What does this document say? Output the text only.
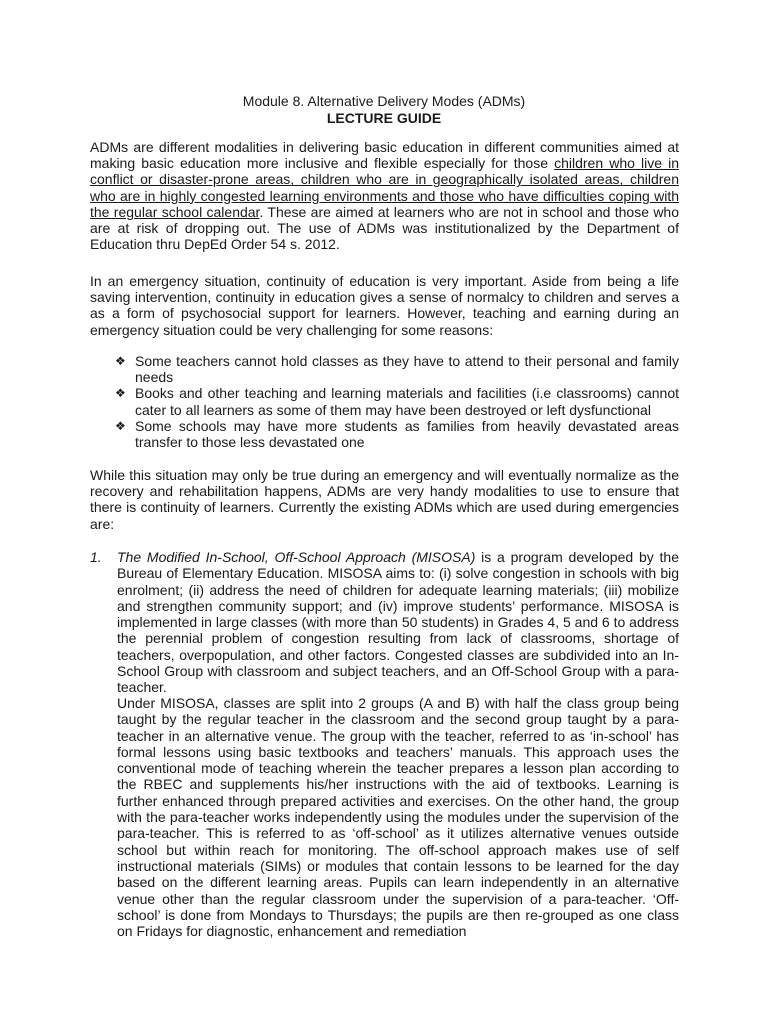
Module 8. Alternative Delivery Modes (ADMs)
LECTURE GUIDE
ADMs are different modalities in delivering basic education in different communities aimed at making basic education more inclusive and flexible especially for those children who live in conflict or disaster-prone areas, children who are in geographically isolated areas, children who are in highly congested learning environments and those who have difficulties coping with the regular school calendar. These are aimed at learners who are not in school and those who are at risk of dropping out. The use of ADMs was institutionalized by the Department of Education thru DepEd Order 54 s. 2012.
In an emergency situation, continuity of education is very important. Aside from being a life saving intervention, continuity in education gives a sense of normalcy to children and serves a as a form of psychosocial support for learners. However, teaching and earning during an emergency situation could be very challenging for some reasons:
❖ Some teachers cannot hold classes as they have to attend to their personal and family needs
❖ Books and other teaching and learning materials and facilities (i.e classrooms) cannot cater to all learners as some of them may have been destroyed or left dysfunctional
❖ Some schools may have more students as families from heavily devastated areas transfer to those less devastated one
While this situation may only be true during an emergency and will eventually normalize as the recovery and rehabilitation happens, ADMs are very handy modalities to use to ensure that there is continuity of learners. Currently the existing ADMs which are used during emergencies are:
1. The Modified In-School, Off-School Approach (MISOSA) is a program developed by the Bureau of Elementary Education. MISOSA aims to: (i) solve congestion in schools with big enrolment; (ii) address the need of children for adequate learning materials; (iii) mobilize and strengthen community support; and (iv) improve students’ performance. MISOSA is implemented in large classes (with more than 50 students) in Grades 4, 5 and 6 to address the perennial problem of congestion resulting from lack of classrooms, shortage of teachers, overpopulation, and other factors. Congested classes are subdivided into an In-School Group with classroom and subject teachers, and an Off-School Group with a para-teacher.
Under MISOSA, classes are split into 2 groups (A and B) with half the class group being taught by the regular teacher in the classroom and the second group taught by a para-teacher in an alternative venue. The group with the teacher, referred to as ‘in-school’ has formal lessons using basic textbooks and teachers’ manuals. This approach uses the conventional mode of teaching wherein the teacher prepares a lesson plan according to the RBEC and supplements his/her instructions with the aid of textbooks. Learning is further enhanced through prepared activities and exercises. On the other hand, the group with the para-teacher works independently using the modules under the supervision of the para-teacher. This is referred to as ‘off-school’ as it utilizes alternative venues outside school but within reach for monitoring. The off-school approach makes use of self instructional materials (SIMs) or modules that contain lessons to be learned for the day based on the different learning areas. Pupils can learn independently in an alternative venue other than the regular classroom under the supervision of a para-teacher. ‘Off-school’ is done from Mondays to Thursdays; the pupils are then re-grouped as one class on Fridays for diagnostic, enhancement and remediation
